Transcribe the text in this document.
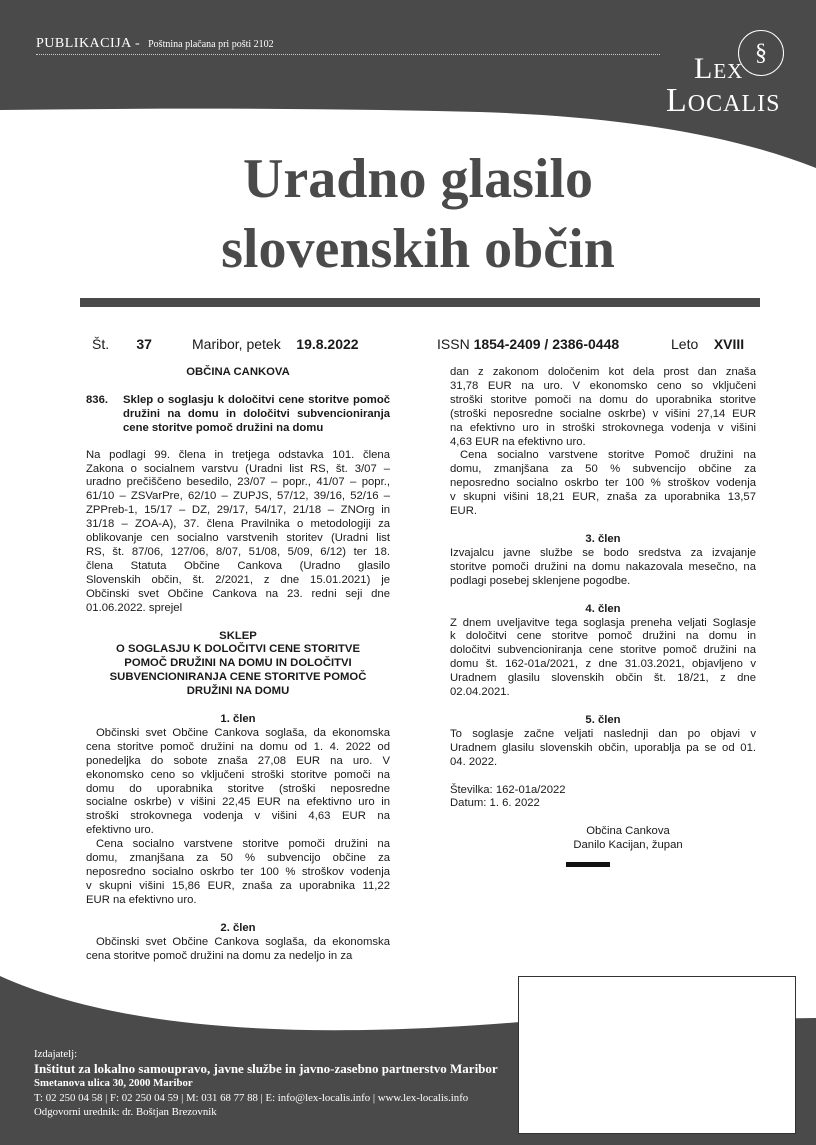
PUBLIKACIJA - Poštnina plačana pri pošti 2102	§
Lex
Localis
Uradno glasilo
slovenskih občin
Št. 37	Maribor, petek 19.8.2022	ISSN 1854-2409 / 2386-0448	Leto XVIII

OBČINA CANKOVA

836.	Sklep o soglasju k določitvi cene storitve pomoč družini na domu in določitvi subvencioniranja cene storitve pomoč družini na domu

Na podlagi 99. člena in tretjega odstavka 101. člena

Zakona o socialnem varstvu (Uradni list RS, št. 3/07 –

uradno prečiščeno besedilo, 23/07 – popr., 41/07 – popr.,

61/10 – ZSVarPre, 62/10 – ZUPJS, 57/12, 39/16, 52/16 –

ZPPreb-1, 15/17 – DZ, 29/17, 54/17, 21/18 – ZNOrg in

31/18 – ZOA-A), 37. člena Pravilnika o metodologiji za

oblikovanje cen socialno varstvenih storitev (Uradni list

RS, št. 87/06, 127/06, 8/07, 51/08, 5/09, 6/12) ter 18.

člena Statuta Občine Cankova (Uradno glasilo

Slovenskih občin, št. 2/2021, z dne 15.01.2021) je

Občinski svet Občine Cankova na 23. redni seji dne

01.06.2022. sprejel

SKLEP

O SOGLASJU K DOLOČITVI CENE STORITVE

POMOČ DRUŽINI NA DOMU IN DOLOČITVI

SUBVENCIONIRANJA CENE STORITVE POMOČ

DRUŽINI NA DOMU

1. člen

Občinski svet Občine Cankova soglaša, da ekonomska

cena storitve pomoč družini na domu od 1. 4. 2022 od

ponedeljka do sobote znaša 27,08 EUR na uro. V

ekonomsko ceno so vključeni stroški storitve pomoči na

domu do uporabnika storitve (stroški neposredne

socialne oskrbe) v višini 22,45 EUR na efektivno uro in

stroški strokovnega vodenja v višini 4,63 EUR na

efektivno uro.

Cena socialno varstvene storitve pomoči družini na

domu, zmanjšana za 50 % subvencijo občine za

neposredno socialno oskrbo ter 100 % stroškov vodenja

v skupni višini 15,86 EUR, znaša za uporabnika 11,22

EUR na efektivno uro.

2. člen

Občinski svet Občine Cankova soglaša, da ekonomska

cena storitve pomoč družini na domu za nedeljo in za

dan z zakonom določenim kot dela prost dan znaša

31,78 EUR na uro. V ekonomsko ceno so vključeni

stroški storitve pomoči na domu do uporabnika storitve

(stroški neposredne socialne oskrbe) v višini 27,14 EUR

na efektivno uro in stroški strokovnega vodenja v višini

4,63 EUR na efektivno uro.

Cena socialno varstvene storitve Pomoč družini na

domu, zmanjšana za 50 % subvencijo občine za

neposredno socialno oskrbo ter 100 % stroškov vodenja

v skupni višini 18,21 EUR, znaša za uporabnika 13,57

EUR.

3. člen

Izvajalcu javne službe se bodo sredstva za izvajanje

storitve pomoči družini na domu nakazovala mesečno, na

podlagi posebej sklenjene pogodbe.

4. člen

Z dnem uveljavitve tega soglasja preneha veljati Soglasje

k določitvi cene storitve pomoč družini na domu in

določitvi subvencioniranja cene storitve pomoč družini na

domu št. 162-01a/2021, z dne 31.03.2021, objavljeno v

Uradnem glasilu slovenskih občin št. 18/21, z dne

02.04.2021.

5. člen

To soglasje začne veljati naslednji dan po objavi v

Uradnem glasilu slovenskih občin, uporablja pa se od 01.

04. 2022.

Številka: 162-01a/2022

Datum: 1. 6. 2022

Občina Cankova

Danilo Kacijan, župan

Izdajatelj:
Inštitut za lokalno samoupravo, javne službe in javno-zasebno partnerstvo Maribor
Smetanova ulica 30, 2000 Maribor
T: 02 250 04 58 | F: 02 250 04 59 | M: 031 68 77 88 | E: info@lex-localis.info | www.lex-localis.info
Odgovorni urednik: dr. Boštjan Brezovnik
